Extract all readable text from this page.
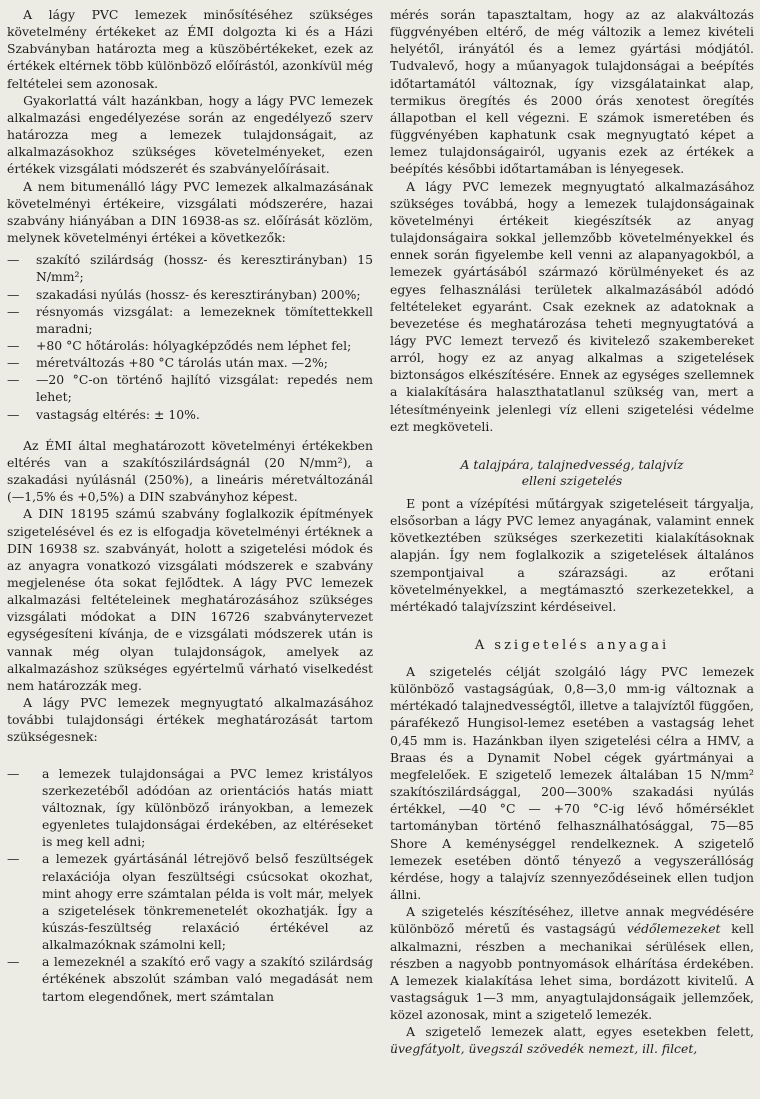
A lágy PVC lemezek minősítéséhez szükséges követelmény értékeket az ÉMI dolgozta ki és a Házi Szabványban határozta meg a küszöbértékeket, ezek az értékek eltérnek több különböző előírástól, azonkívül még feltételei sem azonosak.

Gyakorlattá vált hazánkban, hogy a lágy PVC lemezek alkalmazási engedélyezése során az engedélyező szerv határozza meg a lemezek tulajdonságait, az alkalmazásokhoz szükséges követelményeket, ezen értékek vizsgálati módszerét és szabványelőírásait.

A nem bitumenálló lágy PVC lemezek alkalmazásának követelményi értékeire, vizsgálati módszerére, hazai szabvány hiányában a DIN 16938-as sz. előírását közlöm, melynek követelményi értékei a következők:

— szakító szilárdság (hossz- és keresztirányban) 15 N/mm²;
— szakadási nyúlás (hossz- és keresztirányban) 200%;
— résnyomás vizsgálat: a lemezeknek tömítettekkell maradni;
— +80 °C hőtárolás: hólyagképződés nem léphet fel;
— méretváltozás +80 °C tárolás után max. —2%;
— —20 °C-on történő hajlító vizsgálat: repedés nem lehet;
— vastagság eltérés: ± 10%.

Az ÉMI által meghatározott követelményi értékekben eltérés van a szakítószilárdságnál (20 N/mm²), a szakadási nyúlásnál (250%), a lineáris méretváltozánál (—1,5% és +0,5%) a DIN szabványhoz képest.

A DIN 18195 számú szabvány foglalkozik építmények szigetelésével és ez is elfogadja követelményi értéknek a DIN 16938 sz. szabványát, holott a szigetelési módok és az anyagra vonatkozó vizsgálati módszerek e szabvány megjelenése óta sokat fejlődtek. A lágy PVC lemezek alkalmazási feltételeinek meghatározásához szükséges vizsgálati módokat a DIN 16726 szabványtervezet egységesíteni kívánja, de e vizsgálati módszerek után is vannak még olyan tulajdonságok, amelyek az alkalmazáshoz szükséges egyértelmű várható viselkedést nem határozzák meg.

A lágy PVC lemezek megnyugtató alkalmazásához további tulajdonsági értékek meghatározását tartom szükségesnek:

— a lemezek tulajdonságai a PVC lemez kristályos szerkezetéből adódóan az orientációs hatás miatt változnak, így különböző irányokban, a lemezek egyenletes tulajdonságai érdekében, az eltéréseket is meg kell adni;
— a lemezek gyártásánál létrejövő belső feszültségek relaxációja olyan feszültségi csúcsokat okozhat, mint ahogy erre számtalan példa is volt már, melyek a szigetelések tönkremenetelét okozhatják. Így a kúszás-feszültség relaxáció értékével az alkalmazóknak számolni kell;
— a lemezeknél a szakító erő vagy a szakító szilárdság értékének abszolút számban való megadását nem tartom elegendőnek, mert számtalan

mérés során tapasztaltam, hogy az az alakváltozás függvényében eltérő, de még változik a lemez kivételi helyétől, irányától és a lemez gyártási módjától. Tudvalevő, hogy a műanyagok tulajdonságai a beépítés időtartamától változnak, így vizsgálatainkat alap, termikus öregítés és 2000 órás xenotest öregítés állapotban el kell végezni. E számok ismeretében és függvényében kaphatunk csak megnyugtató képet a lemez tulajdonságairól, ugyanis ezek az értékek a beépítés későbbi időtartamában is lényegesek.

A lágy PVC lemezek megnyugtató alkalmazásához szükséges továbbá, hogy a lemezek tulajdonságainak követelményi értékeit kiegészítsék az anyag tulajdonságaira sokkal jellemzőbb követelményekkel és ennek során figyelembe kell venni az alapanyagokból, a lemezek gyártásából származó körülményeket és az egyes felhasználási területek alkalmazásából adódó feltételeket egyaránt. Csak ezeknek az adatoknak a bevezetése és meghatározása teheti megnyugtatóvá a lágy PVC lemezt tervező és kivitelező szakembereket arról, hogy ez az anyag alkalmas a szigetelések biztonságos elkészítésére. Ennek az egységes szellemnek a kialakítására halaszthatatlanul szükség van, mert a létesítményeink jelenlegi víz elleni szigetelési védelme ezt megköveteli.

A talajpára, talajnedvesség, talajvíz
elleni szigetelés

E pont a vízépítési műtárgyak szigeteléseit tárgyalja, elsősorban a lágy PVC lemez anyagának, valamint ennek következtében szükséges szerkezetiti kialakításoknak alapján. Így nem foglalkozik a szigetelések általános szempontjaival a szárazsági. az erőtani követelményekkel, a megtámasztó szerkezetekkel, a mértékadó talajvízszint kérdéseivel.

A szigetelés anyagai

A szigetelés célját szolgáló lágy PVC lemezek különböző vastagságúak, 0,8—3,0 mm-ig változnak a mértékadó talajnedvességtől, illetve a talajvíztől függően, párafékező Hungisol-lemez esetében a vastagság lehet 0,45 mm is. Hazánkban ilyen szigetelési célra a HMV, a Braas és a Dynamit Nobel cégek gyártmányai a megfelelőek. E szigetelő lemezek általában 15 N/mm² szakítószilárdsággal, 200—300% szakadási nyúlás értékkel, —40 °C — +70 °C-ig lévő hőmérséklet tartományban történő felhasználhatósággal, 75—85 Shore A keménységgel rendelkeznek. A szigetelő lemezek esetében döntő tényező a vegyszerállóság kérdése, hogy a talajvíz szennyeződéseinek ellen tudjon állni.

A szigetelés készítéséhez, illetve annak megvédésére különböző méretű és vastagságú védőlemezeket kell alkalmazni, részben a mechanikai sérülések ellen, részben a nagyobb pontnyomások elhárítása érdekében. A lemezek kialakítása lehet sima, bordázott kivitelű. A vastagságuk 1—3 mm, anyagtulajdonságaik jellemzőek, közel azonosak, mint a szigetelő lemezék.

A szigetelő lemezek alatt, egyes esetekben felett, üvegfátyolt, üvegszál szövedék nemezt, ill. filcet,
